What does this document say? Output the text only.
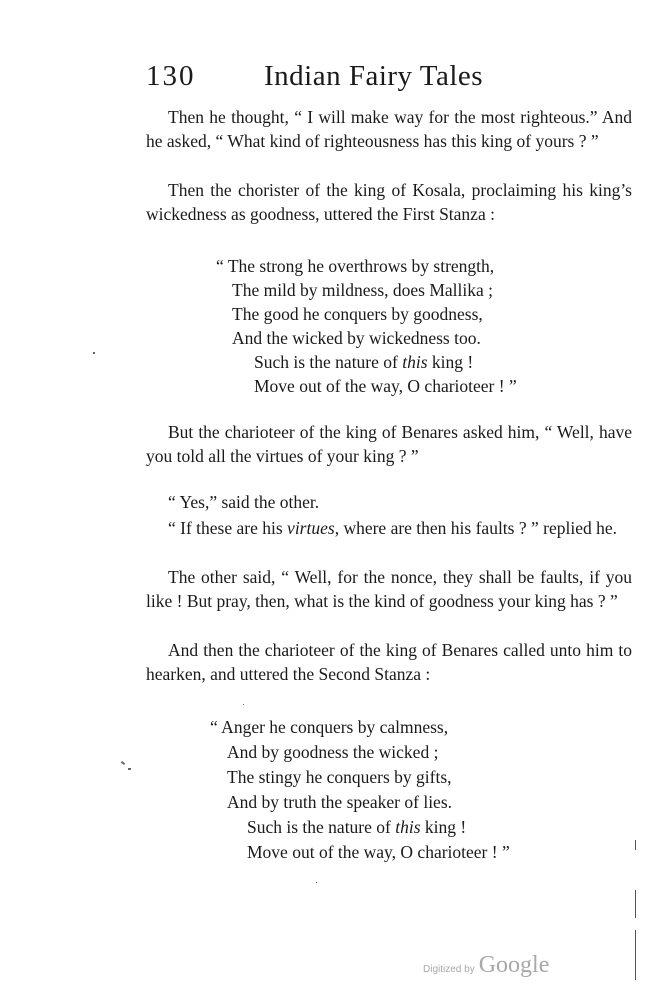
130 Indian Fairy Tales

Then he thought, “ I will make way for the most righteous.” And he asked, “ What kind of righteousness has this king of yours ? ”

Then the chorister of the king of Kosala, proclaiming his king’s wickedness as goodness, uttered the First Stanza :

“ The strong he overthrows by strength,
The mild by mildness, does Mallika ;
The good he conquers by goodness,
And the wicked by wickedness too.
Such is the nature of this king !
Move out of the way, O charioteer ! ”

But the charioteer of the king of Benares asked him, “ Well, have you told all the virtues of your king ? ”

“ Yes,” said the other.

“ If these are his virtues, where are then his faults ? ” replied he.

The other said, “ Well, for the nonce, they shall be faults, if you like ! But pray, then, what is the kind of goodness your king has ? ”

And then the charioteer of the king of Benares called unto him to hearken, and uttered the Second Stanza :

“ Anger he conquers by calmness,
And by goodness the wicked ;
The stingy he conquers by gifts,
And by truth the speaker of lies.
Such is the nature of this king !
Move out of the way, O charioteer ! ”
Digitized by Google
